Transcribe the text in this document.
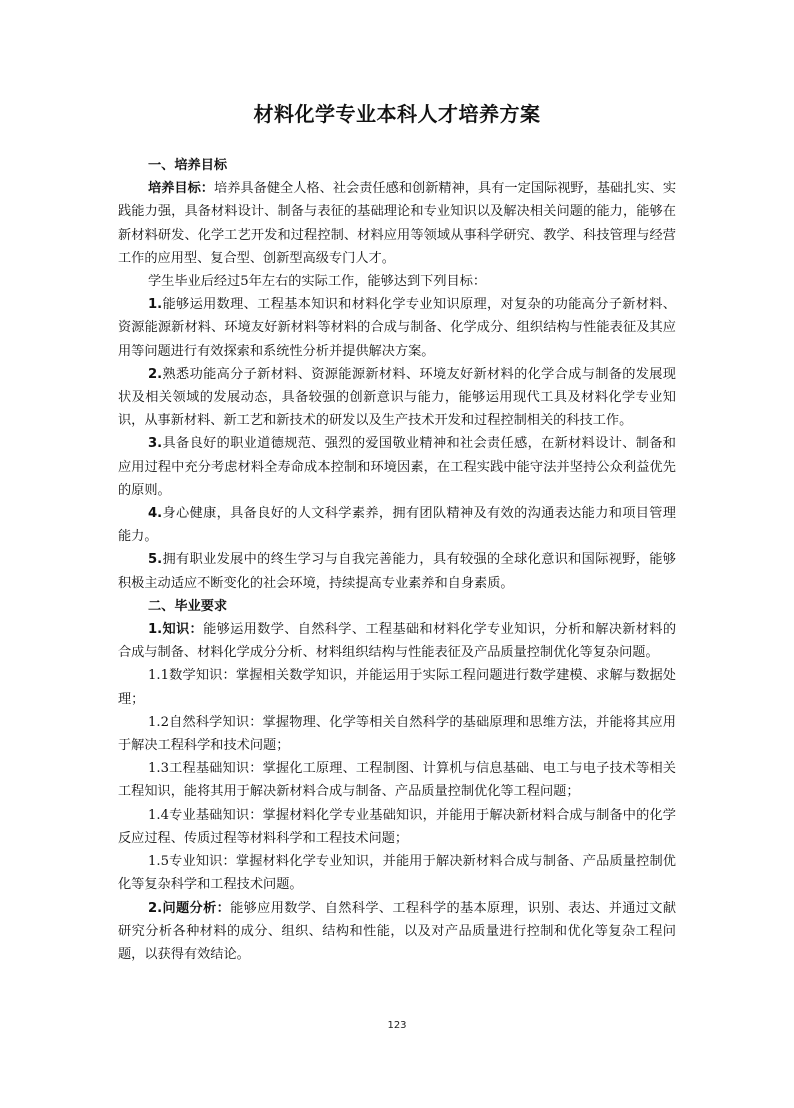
材料化学专业本科人才培养方案
一、培养目标

培养目标：培养具备健全人格、社会责任感和创新精神，具有一定国际视野，基础扎实、实践能力强，具备材料设计、制备与表征的基础理论和专业知识以及解决相关问题的能力，能够在新材料研发、化学工艺开发和过程控制、材料应用等领域从事科学研究、教学、科技管理与经营工作的应用型、复合型、创新型高级专门人才。

学生毕业后经过5年左右的实际工作，能够达到下列目标：

1.能够运用数理、工程基本知识和材料化学专业知识原理，对复杂的功能高分子新材料、资源能源新材料、环境友好新材料等材料的合成与制备、化学成分、组织结构与性能表征及其应用等问题进行有效探索和系统性分析并提供解决方案。

2.熟悉功能高分子新材料、资源能源新材料、环境友好新材料的化学合成与制备的发展现状及相关领域的发展动态，具备较强的创新意识与能力，能够运用现代工具及材料化学专业知识，从事新材料、新工艺和新技术的研发以及生产技术开发和过程控制相关的科技工作。

3.具备良好的职业道德规范、强烈的爱国敬业精神和社会责任感，在新材料设计、制备和应用过程中充分考虑材料全寿命成本控制和环境因素，在工程实践中能守法并坚持公众利益优先的原则。

4.身心健康，具备良好的人文科学素养，拥有团队精神及有效的沟通表达能力和项目管理能力。

5.拥有职业发展中的终生学习与自我完善能力，具有较强的全球化意识和国际视野，能够积极主动适应不断变化的社会环境，持续提高专业素养和自身素质。

二、毕业要求

1.知识：能够运用数学、自然科学、工程基础和材料化学专业知识，分析和解决新材料的合成与制备、材料化学成分分析、材料组织结构与性能表征及产品质量控制优化等复杂问题。

1.1数学知识：掌握相关数学知识，并能运用于实际工程问题进行数学建模、求解与数据处理；

1.2自然科学知识：掌握物理、化学等相关自然科学的基础原理和思维方法，并能将其应用于解决工程科学和技术问题；

1.3工程基础知识：掌握化工原理、工程制图、计算机与信息基础、电工与电子技术等相关工程知识，能将其用于解决新材料合成与制备、产品质量控制优化等工程问题；

1.4专业基础知识：掌握材料化学专业基础知识，并能用于解决新材料合成与制备中的化学反应过程、传质过程等材料科学和工程技术问题；

1.5专业知识：掌握材料化学专业知识，并能用于解决新材料合成与制备、产品质量控制优化等复杂科学和工程技术问题。

2.问题分析：能够应用数学、自然科学、工程科学的基本原理，识别、表达、并通过文献研究分析各种材料的成分、组织、结构和性能，以及对产品质量进行控制和优化等复杂工程问题，以获得有效结论。

123
